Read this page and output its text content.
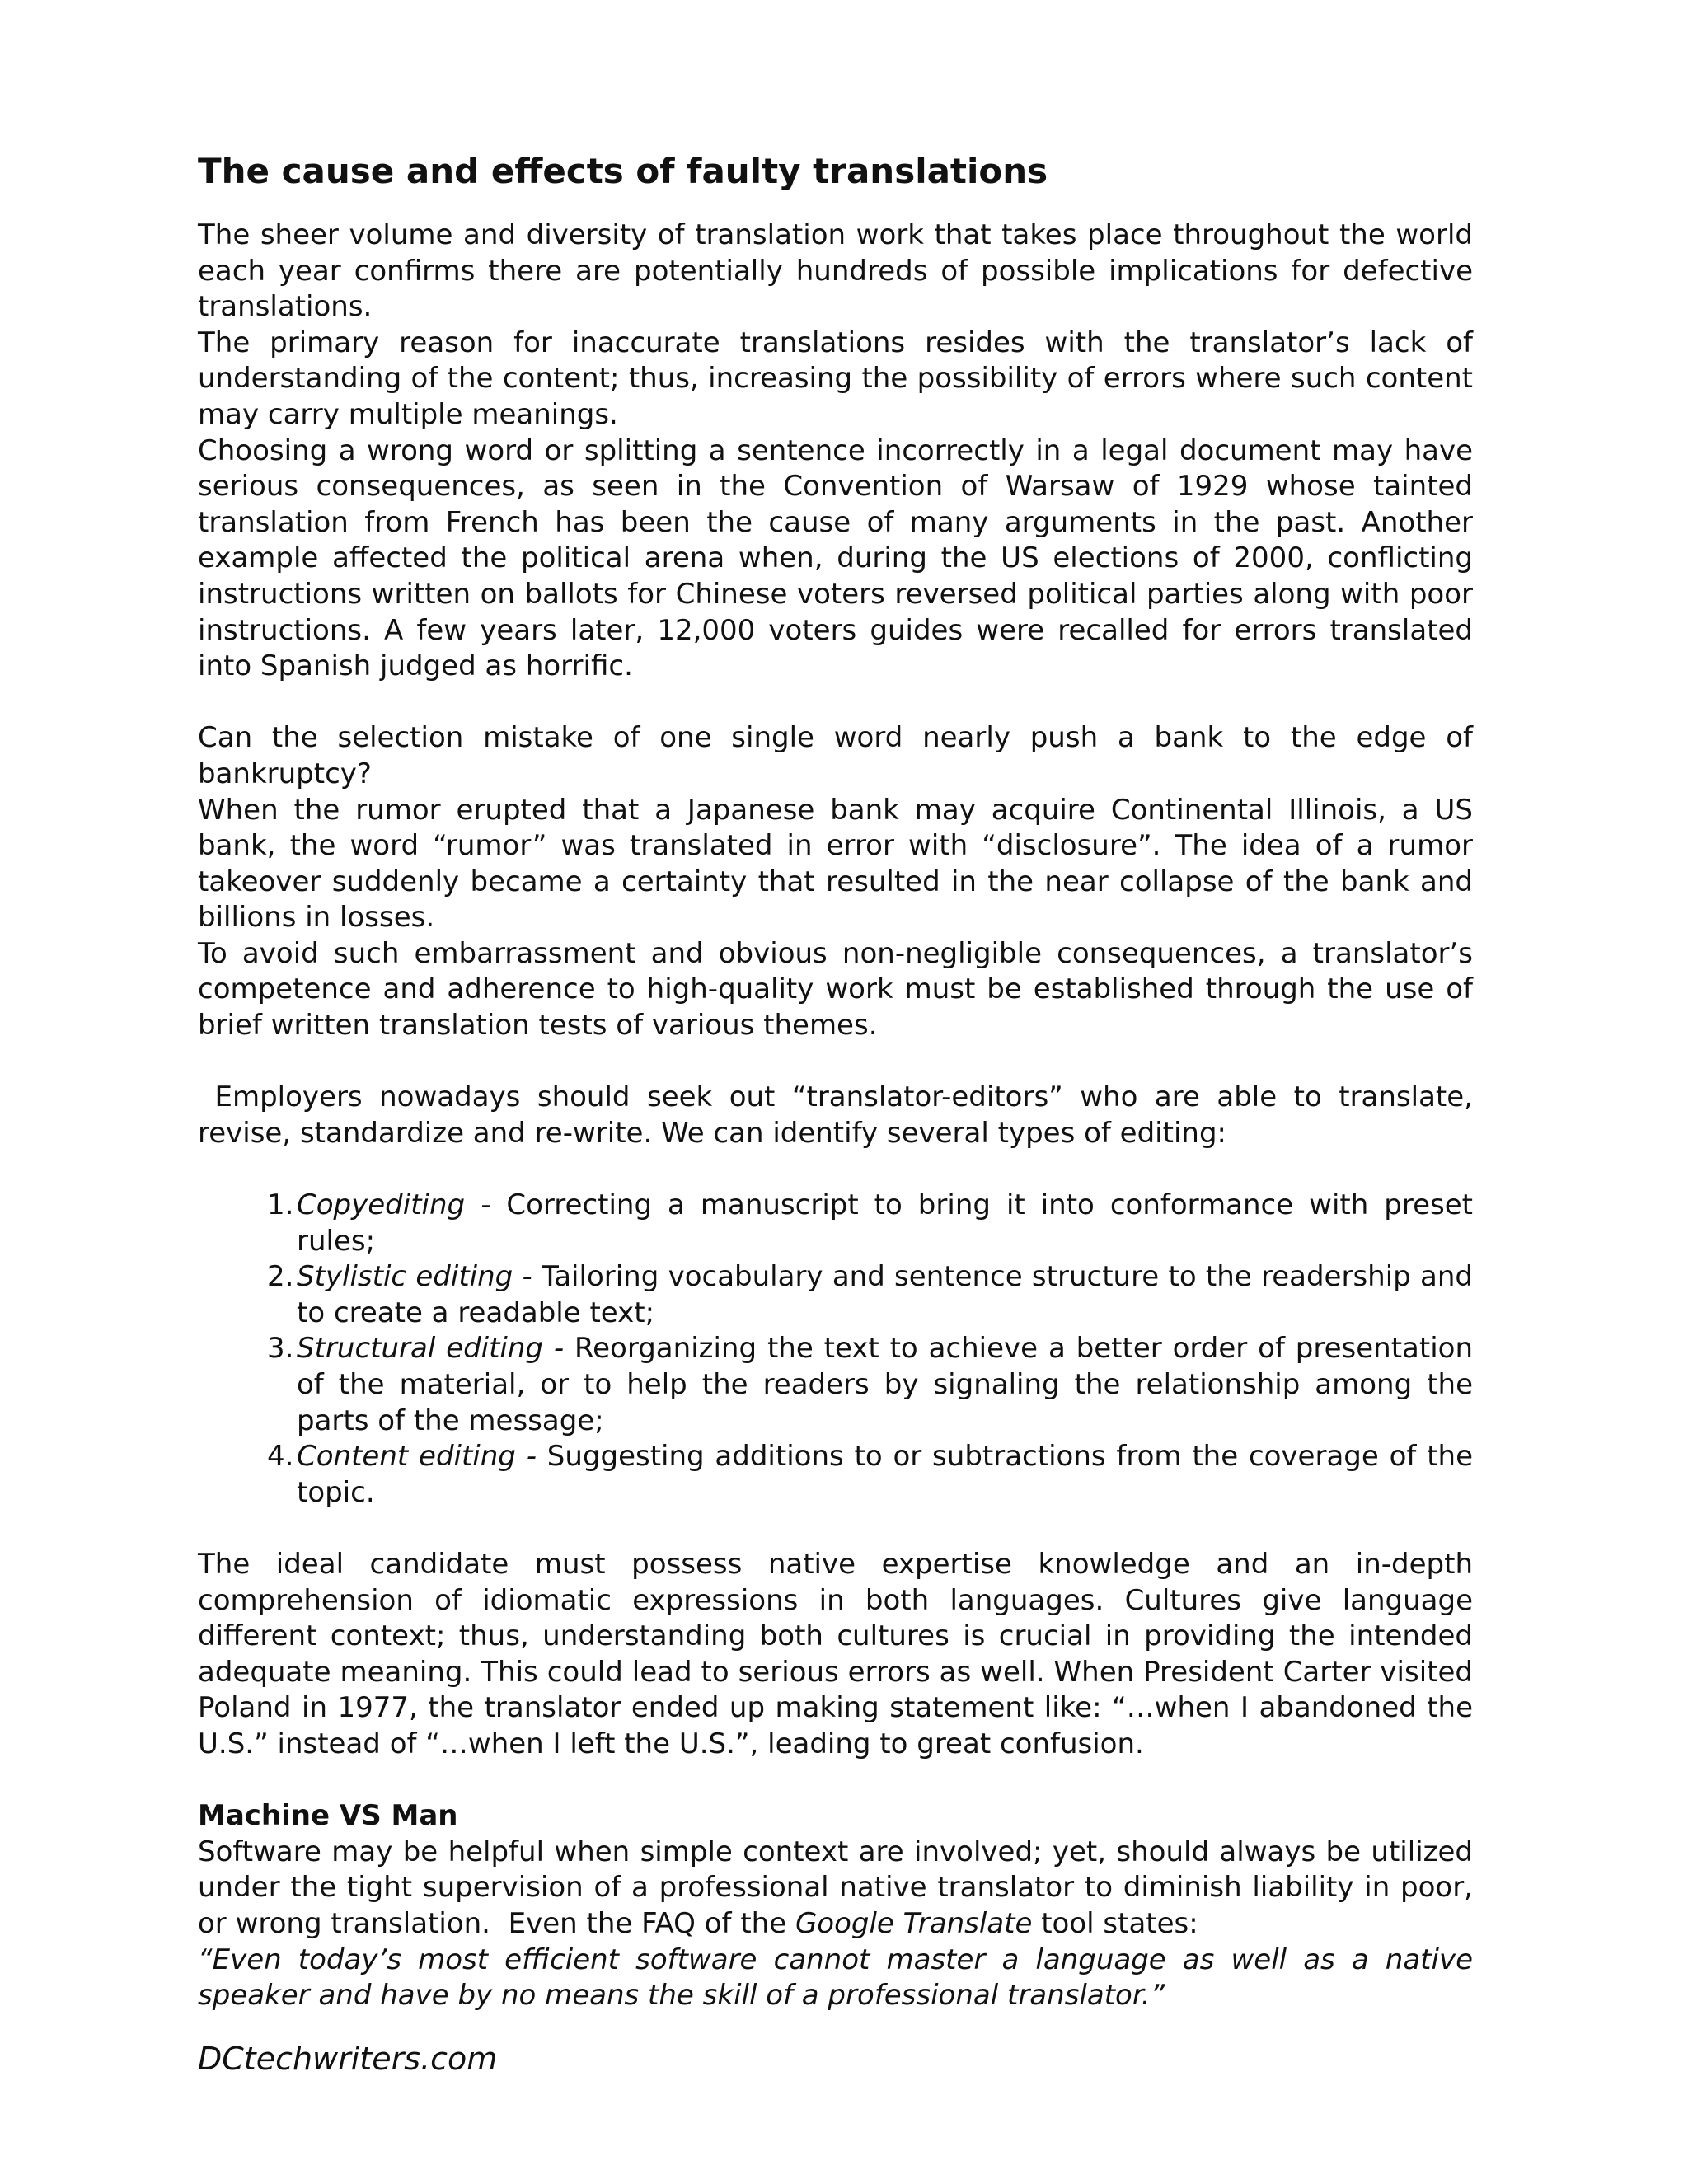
The cause and effects of faulty translations

The sheer volume and diversity of translation work that takes place throughout the world each year confirms there are potentially hundreds of possible implications for defective translations.

The primary reason for inaccurate translations resides with the translator’s lack of understanding of the content; thus, increasing the possibility of errors where such content may carry multiple meanings.

Choosing a wrong word or splitting a sentence incorrectly in a legal document may have serious consequences, as seen in the Convention of Warsaw of 1929 whose tainted translation from French has been the cause of many arguments in the past. Another example affected the political arena when, during the US elections of 2000, conflicting instructions written on ballots for Chinese voters reversed political parties along with poor instructions. A few years later, 12,000 voters guides were recalled for errors translated into Spanish judged as horrific.

Can the selection mistake of one single word nearly push a bank to the edge of bankruptcy?

When the rumor erupted that a Japanese bank may acquire Continental Illinois, a US bank, the word “rumor” was translated in error with “disclosure”. The idea of a rumor takeover suddenly became a certainty that resulted in the near collapse of the bank and billions in losses.

To avoid such embarrassment and obvious non-negligible consequences, a translator’s competence and adherence to high-quality work must be established through the use of brief written translation tests of various themes.

Employers nowadays should seek out “translator-editors” who are able to translate, revise, standardize and re-write. We can identify several types of editing:

1. Copyediting - Correcting a manuscript to bring it into conformance with preset rules;
2. Stylistic editing - Tailoring vocabulary and sentence structure to the readership and to create a readable text;
3. Structural editing - Reorganizing the text to achieve a better order of presentation of the material, or to help the readers by signaling the relationship among the parts of the message;
4. Content editing - Suggesting additions to or subtractions from the coverage of the topic.

The ideal candidate must possess native expertise knowledge and an in-depth comprehension of idiomatic expressions in both languages. Cultures give language different context; thus, understanding both cultures is crucial in providing the intended adequate meaning. This could lead to serious errors as well. When President Carter visited Poland in 1977, the translator ended up making statement like: “…when I abandoned the U.S.” instead of “…when I left the U.S.”, leading to great confusion.

Machine VS Man

Software may be helpful when simple context are involved; yet, should always be utilized under the tight supervision of a professional native translator to diminish liability in poor, or wrong translation.  Even the FAQ of the Google Translate tool states:

“Even today’s most efficient software cannot master a language as well as a native speaker and have by no means the skill of a professional translator.”

DCtechwriters.com
